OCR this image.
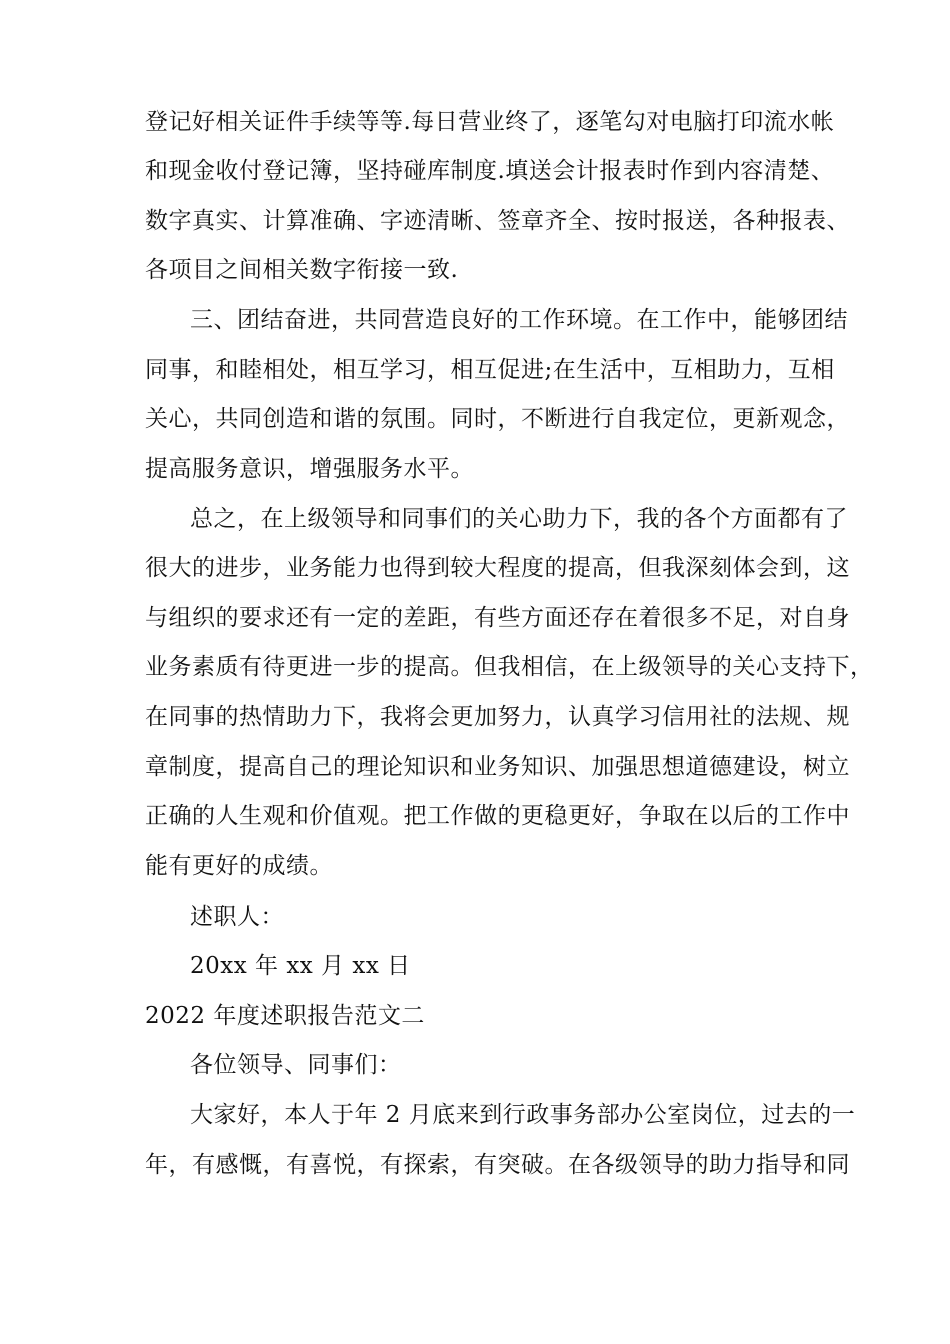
登记好相关证件手续等等.每日营业终了，逐笔勾对电脑打印流水帐

和现金收付登记簿，坚持碰库制度.填送会计报表时作到内容清楚、

数字真实、计算准确、字迹清晰、签章齐全、按时报送，各种报表、

各项目之间相关数字衔接一致.

三、团结奋进，共同营造良好的工作环境。在工作中，能够团结

同事，和睦相处，相互学习，相互促进;在生活中，互相助力，互相

关心，共同创造和谐的氛围。同时，不断进行自我定位，更新观念，

提高服务意识，增强服务水平。

总之，在上级领导和同事们的关心助力下，我的各个方面都有了

很大的进步，业务能力也得到较大程度的提高，但我深刻体会到，这

与组织的要求还有一定的差距，有些方面还存在着很多不足，对自身

业务素质有待更进一步的提高。但我相信，在上级领导的关心支持下，

在同事的热情助力下，我将会更加努力，认真学习信用社的法规、规

章制度，提高自己的理论知识和业务知识、加强思想道德建设，树立

正确的人生观和价值观。把工作做的更稳更好，争取在以后的工作中

能有更好的成绩。

述职人：

20xx 年 xx 月 xx 日

2022 年度述职报告范文二

各位领导、同事们：

大家好，本人于年 2 月底来到行政事务部办公室岗位，过去的一

年，有感慨，有喜悦，有探索，有突破。在各级领导的助力指导和同
